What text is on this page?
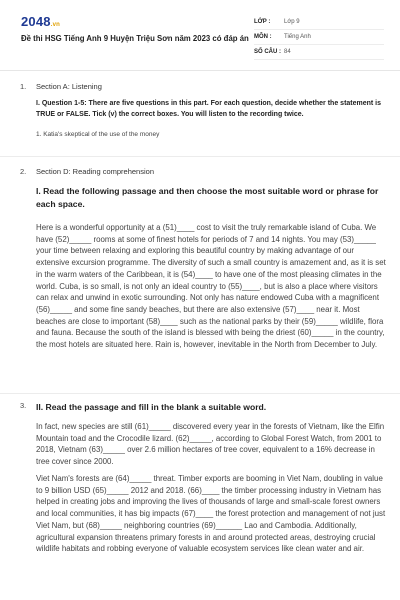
2048.vn
Đề thi HSG Tiếng Anh 9 Huyện Triệu Sơn năm 2023 có đáp án
LỚP :	Lớp 9
MÔN :	Tiếng Anh
SỐ CÂU : 84
1. Section A: Listening
I. Question 1-5: There are five questions in this part. For each question, decide whether the statement is TRUE or FALSE. Tick (v) the correct boxes. You will listen to the recording twice.
1. Katia's skeptical of the use of the money
2. Section D: Reading comprehension
I. Read the following passage and then choose the most suitable word or phrase for each space.
Here is a wonderful opportunity at a (51)____ cost to visit the truly remarkable island of Cuba. We have (52)_____ rooms at some of finest hotels for periods of 7 and 14 nights. You may (53)_____ your time between relaxing and exploring this beautiful country by making advantage of our extensive excursion programme. The diversity of such a small country is amazement and, as it is set in the warm waters of the Caribbean, it is (54)____ to have one of the most pleasing climates in the world. Cuba, is so small, is not only an ideal country to (55)____, but is also a place where visitors can relax and unwind in exotic surrounding. Not only has nature endowed Cuba with a magnificent (56)_____ and some fine sandy beaches, but there are also extensive (57)____ near it. Most beaches are close to important (58)____ such as the national parks by their (59)_____ wildlife, flora and fauna. Because the south of the island is blessed with being the driest (60)_____ in the country, the most hotels are situated here. Rain is, however, inevitable in the North from December to July.
3. II. Read the passage and fill in the blank a suitable word.
In fact, new species are still (61)_____ discovered every year in the forests of Vietnam, like the Elfin Mountain toad and the Crocodile lizard. (62)_____, according to Global Forest Watch, from 2001 to 2018, Vietnam (63)_____ over 2.6 million hectares of tree cover, equivalent to a 16% decrease in tree cover since 2000.
Viet Nam's forests are (64)_____ threat. Timber exports are booming in Viet Nam, doubling in value to 9 billion USD (65)_____ 2012 and 2018. (66)____ the timber processing industry in Vietnam has helped in creating jobs and improving the lives of thousands of large and small-scale forest owners and local communities, it has big impacts (67)____ the forest protection and management of not just Viet Nam, but (68)_____ neighboring countries (69)______ Lao and Cambodia. Additionally, agricultural expansion threatens primary forests in and around protected areas, destroying crucial wildlife habitats and robbing everyone of valuable ecosystem services like clean water and air.
